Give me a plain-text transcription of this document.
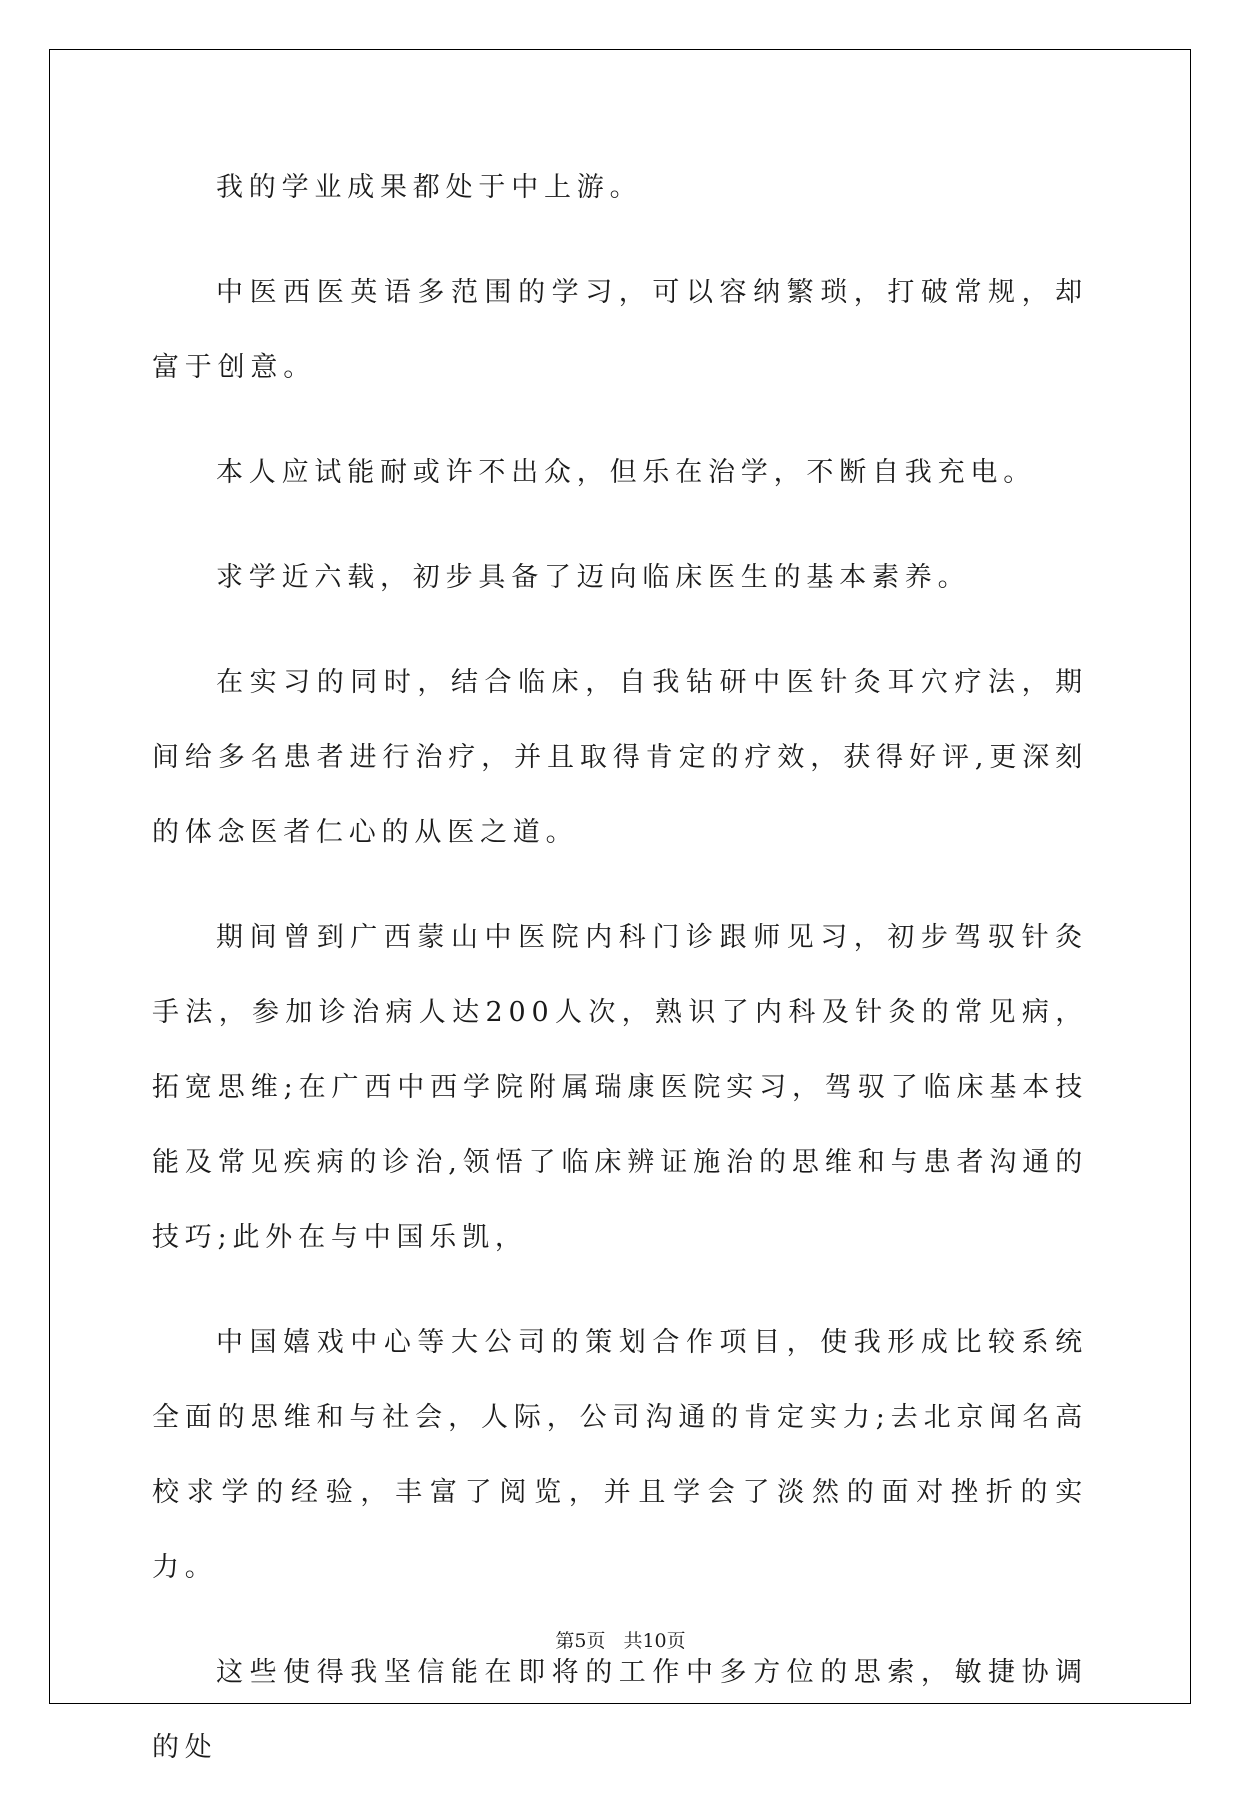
我的学业成果都处于中上游。

中医西医英语多范围的学习，可以容纳繁琐，打破常规，却富于创意。

本人应试能耐或许不出众，但乐在治学，不断自我充电。

求学近六载，初步具备了迈向临床医生的基本素养。

在实习的同时，结合临床，自我钻研中医针灸耳穴疗法，期间给多名患者进行治疗，并且取得肯定的疗效，获得好评,更深刻的体念医者仁心的从医之道。

期间曾到广西蒙山中医院内科门诊跟师见习，初步驾驭针灸手法，参加诊治病人达200人次，熟识了内科及针灸的常见病，拓宽思维;在广西中西学院附属瑞康医院实习，驾驭了临床基本技能及常见疾病的诊治,领悟了临床辨证施治的思维和与患者沟通的技巧;此外在与中国乐凯，

中国嬉戏中心等大公司的策划合作项目，使我形成比较系统全面的思维和与社会，人际，公司沟通的肯定实力;去北京闻名高校求学的经验，丰富了阅览，并且学会了淡然的面对挫折的实力。

这些使得我坚信能在即将的工作中多方位的思索，敏捷协调的处

第5页 共10页
